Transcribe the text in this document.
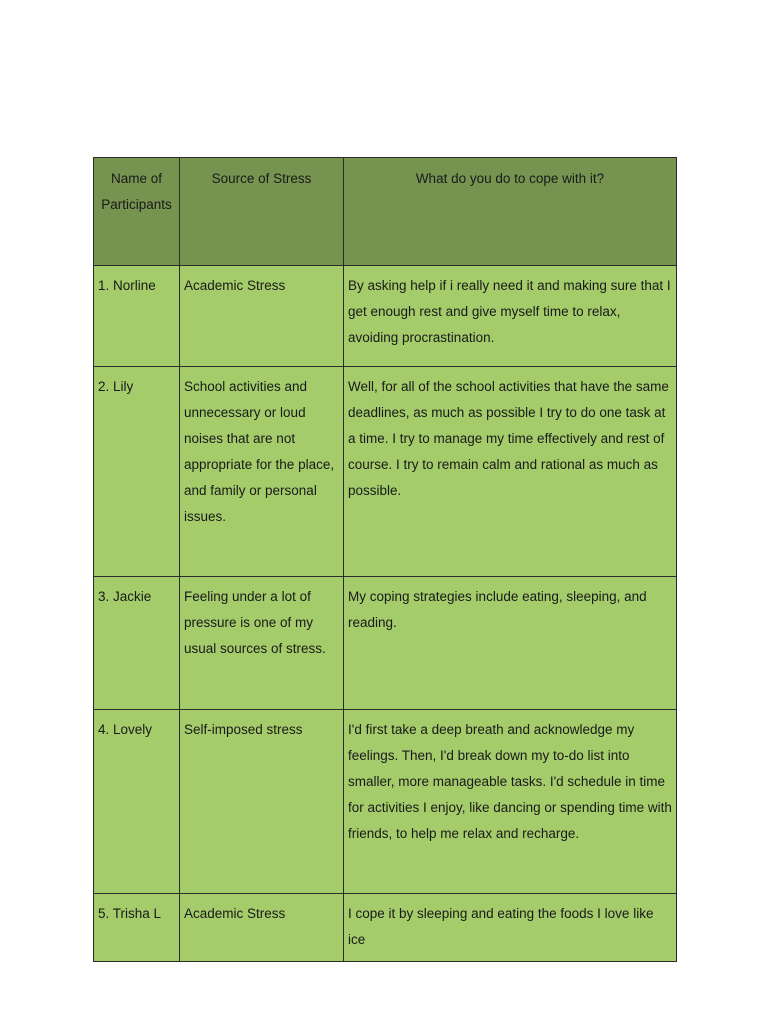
Name of Participants	Source of Stress	What do you do to cope with it?
1. Norline	Academic Stress	By asking help if i really need it and making sure that I get enough rest and give myself time to relax, avoiding procrastination.
2. Lily	School activities and unnecessary or loud noises that are not appropriate for the place, and family or personal issues.	Well, for all of the school activities that have the same deadlines, as much as possible I try to do one task at a time. I try to manage my time effectively and rest of course. I try to remain calm and rational as much as possible.
3. Jackie	Feeling under a lot of pressure is one of my usual sources of stress.	My coping strategies include eating, sleeping, and reading.
4. Lovely	Self-imposed stress	I'd first take a deep breath and acknowledge my feelings. Then, I'd break down my to-do list into smaller, more manageable tasks. I'd schedule in time for activities I enjoy, like dancing or spending time with friends, to help me relax and recharge.
5. Trisha L	Academic Stress	I cope it by sleeping and eating the foods I love like ice
